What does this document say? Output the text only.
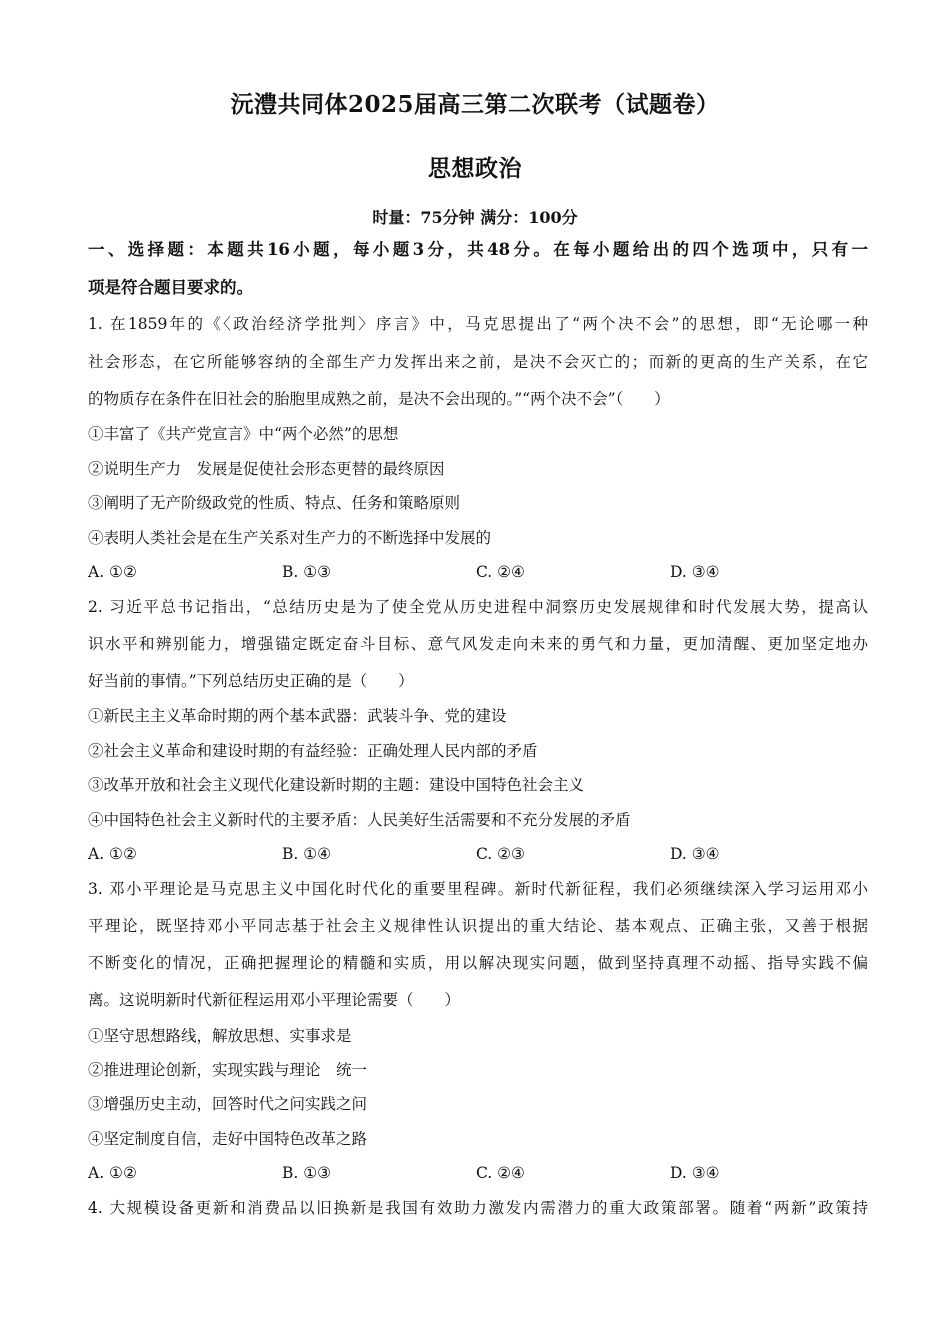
沅澧共同体2025届高三第二次联考（试题卷）
思想政治
时量：75分钟 满分：100分
一、选择题：本题共16小题，每小题3分，共48分。在每小题给出的四个选项中，只有一
项是符合题目要求的。
1. 在1859年的《〈政治经济学批判〉序言》中，马克思提出了“两个决不会”的思想，即“无论哪一种
社会形态，在它所能够容纳的全部生产力发挥出来之前，是决不会灭亡的；而新的更高的生产关系，在它
的物质存在条件在旧社会的胎胞里成熟之前，是决不会出现的。”“两个决不会”（　　）
①丰富了《共产党宣言》中“两个必然”的思想
②说明生产力　发展是促使社会形态更替的最终原因
③阐明了无产阶级政党的性质、特点、任务和策略原则
④表明人类社会是在生产关系对生产力的不断选择中发展的
A. ①②	B. ①③	C. ②④	D. ③④
2. 习近平总书记指出，“总结历史是为了使全党从历史进程中洞察历史发展规律和时代发展大势，提高认
识水平和辨别能力，增强锚定既定奋斗目标、意气风发走向未来的勇气和力量，更加清醒、更加坚定地办
好当前的事情。”下列总结历史正确的是（　　）
①新民主主义革命时期的两个基本武器：武装斗争、党的建设
②社会主义革命和建设时期的有益经验：正确处理人民内部的矛盾
③改革开放和社会主义现代化建设新时期的主题：建设中国特色社会主义
④中国特色社会主义新时代的主要矛盾：人民美好生活需要和不充分发展的矛盾
A. ①②	B. ①④	C. ②③	D. ③④
3. 邓小平理论是马克思主义中国化时代化的重要里程碑。新时代新征程，我们必须继续深入学习运用邓小
平理论，既坚持邓小平同志基于社会主义规律性认识提出的重大结论、基本观点、正确主张，又善于根据
不断变化的情况，正确把握理论的精髓和实质，用以解决现实问题，做到坚持真理不动摇、指导实践不偏
离。这说明新时代新征程运用邓小平理论需要（　　）
①坚守思想路线，解放思想、实事求是
②推进理论创新，实现实践与理论　统一
③增强历史主动，回答时代之问实践之问
④坚定制度自信，走好中国特色改革之路
A. ①②	B. ①③	C. ②④	D. ③④
4. 大规模设备更新和消费品以旧换新是我国有效助力激发内需潜力的重大政策部署。随着“两新”政策持
